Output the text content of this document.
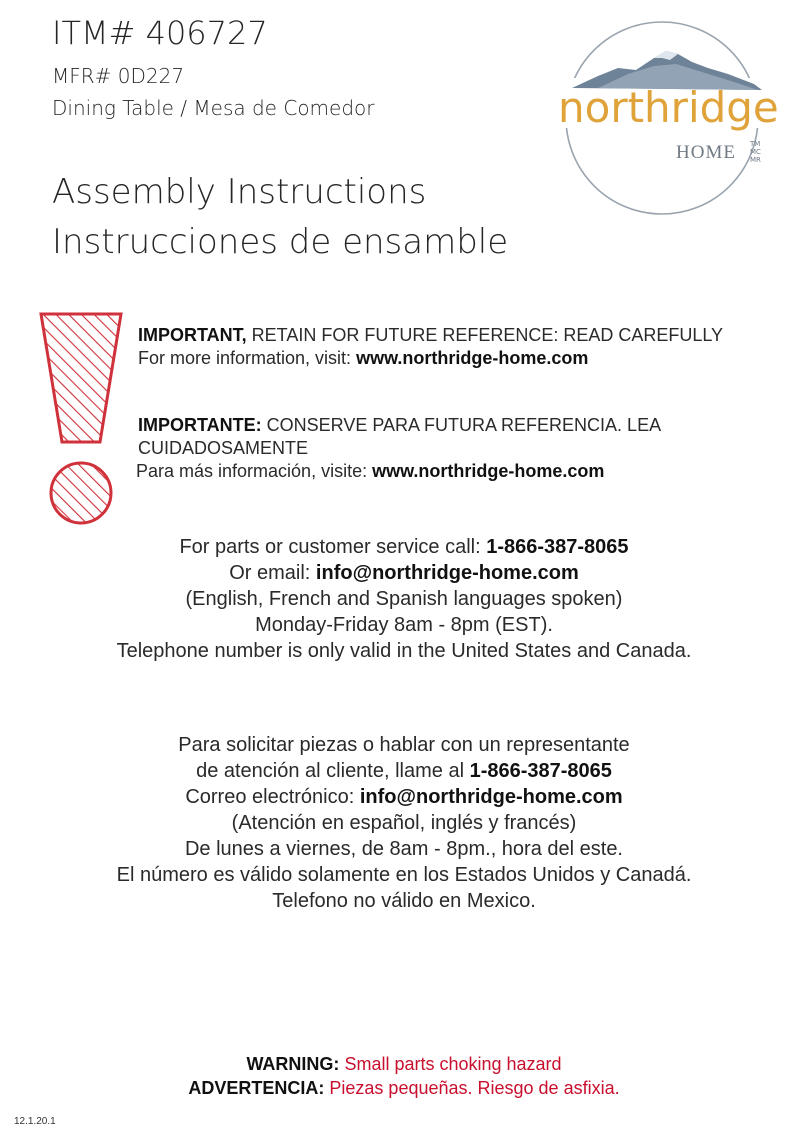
ITM# 406727
MFR# 0D227
Dining Table / Mesa de Comedor
Assembly Instructions
Instrucciones de ensamble
northridge
HOME TM
MC
MR
IMPORTANT, RETAIN FOR FUTURE REFERENCE: READ CAREFULLY
For more information, visit: www.northridge-home.com
IMPORTANTE: CONSERVE PARA FUTURA REFERENCIA. LEA CUIDADOSAMENTE
Para más información, visite: www.northridge-home.com
For parts or customer service call: 1-866-387-8065
Or email: info@northridge-home.com
(English, French and Spanish languages spoken)
Monday-Friday 8am - 8pm (EST).
Telephone number is only valid in the United States and Canada.
Para solicitar piezas o hablar con un representante
de atención al cliente, llame al 1-866-387-8065
Correo electrónico: info@northridge-home.com
(Atención en español, inglés y francés)
De lunes a viernes, de 8am - 8pm., hora del este.
El número es válido solamente en los Estados Unidos y Canadá.
Telefono no válido en Mexico.
WARNING: Small parts choking hazard
ADVERTENCIA: Piezas pequeñas. Riesgo de asfixia.
12.1.20.1
